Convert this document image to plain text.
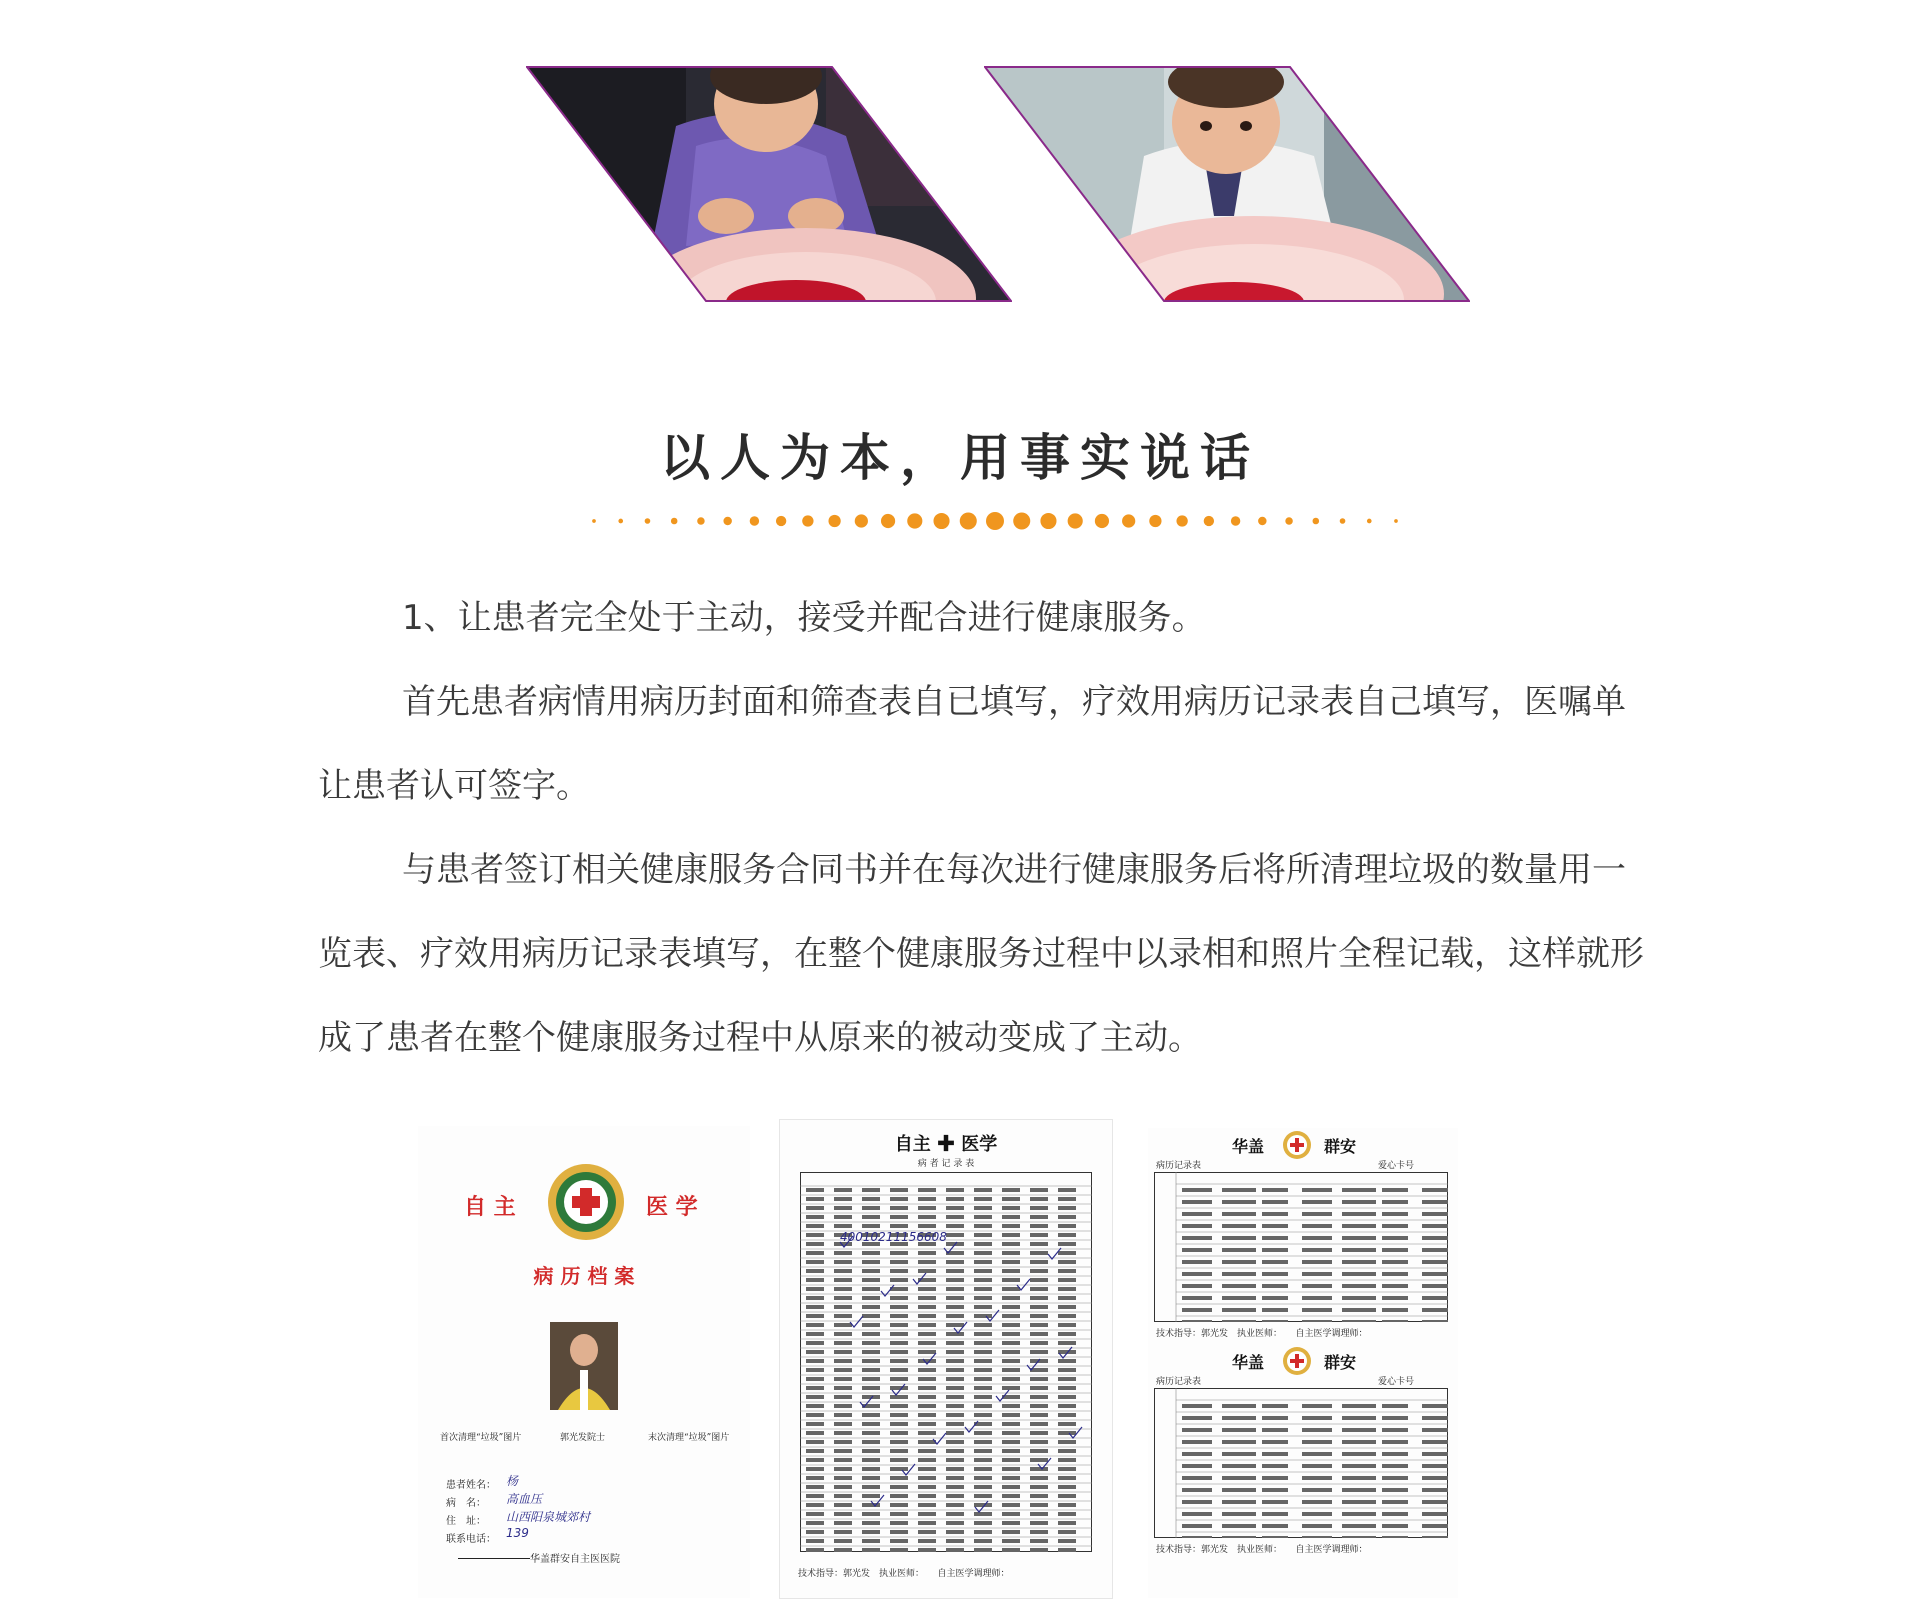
以人为本，用事实说话
1、让患者完全处于主动，接受并配合进行健康服务。
首先患者病情用病历封面和筛查表自已填写，疗效用病历记录表自己填写，医嘱单让患者认可签字。
与患者签订相关健康服务合同书并在每次进行健康服务后将所清理垃圾的数量用一览表、疗效用病历记录表填写，在整个健康服务过程中以录相和照片全程记载，这样就形成了患者在整个健康服务过程中从原来的被动变成了主动。
自 主	医 学
病 历 档 案
首次清理“垃圾”图片	郭光发院士	末次清理“垃圾”图片
患者姓名： 杨
病　名： 高血压
住　址： 山西阳泉城郊村
联系电话： 139
华盖群安自主医医院
自主 ✚ 医学
病 者 记 录 表
40010211156608
技术指导：郭光发　执业医师：　　自主医学调理师：
华盖	群安
病历记录表	爱心卡号
技术指导：郭光发　执业医师：　　自主医学调理师：
华盖	群安
病历记录表	爱心卡号
技术指导：郭光发　执业医师：　　自主医学调理师：
